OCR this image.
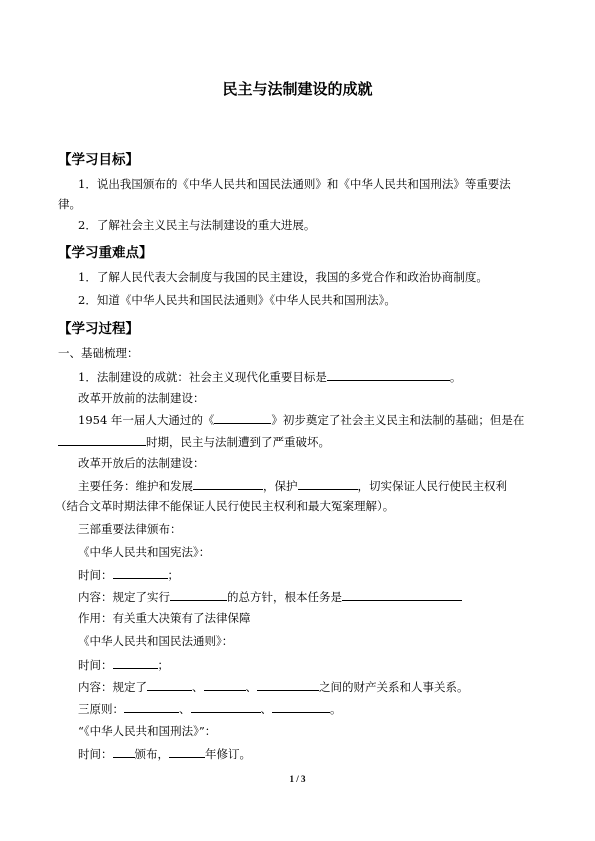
民主与法制建设的成就
【学习目标】
1．说出我国颁布的《中华人民共和国民法通则》和《中华人民共和国刑法》等重要法
律。
2．了解社会主义民主与法制建设的重大进展。
【学习重难点】
1．了解人民代表大会制度与我国的民主建设，我国的多党合作和政治协商制度。
2．知道《中华人民共和国民法通则》《中华人民共和国刑法》。
【学习过程】
一、基础梳理：
1．法制建设的成就：社会主义现代化重要目标是	。
改革开放前的法制建设：
1954 年一届人大通过的《	》初步奠定了社会主义民主和法制的基础；但是在
时期，民主与法制遭到了严重破坏。
改革开放后的法制建设：
主要任务：维护和发展	，保护	，切实保证人民行使民主权利
（结合文革时期法律不能保证人民行使民主权利和最大冤案理解）。
三部重要法律颁布：
《中华人民共和国宪法》：
时间：	；
内容：规定了实行	的总方针，根本任务是
作用：有关重大决策有了法律保障
《中华人民共和国民法通则》：
时间：	；
内容：规定了	、	、	之间的财产关系和人事关系。
三原则：	、	、	。
“《中华人民共和国刑法》”：
时间： 颁布，	年修订。
1 / 3
